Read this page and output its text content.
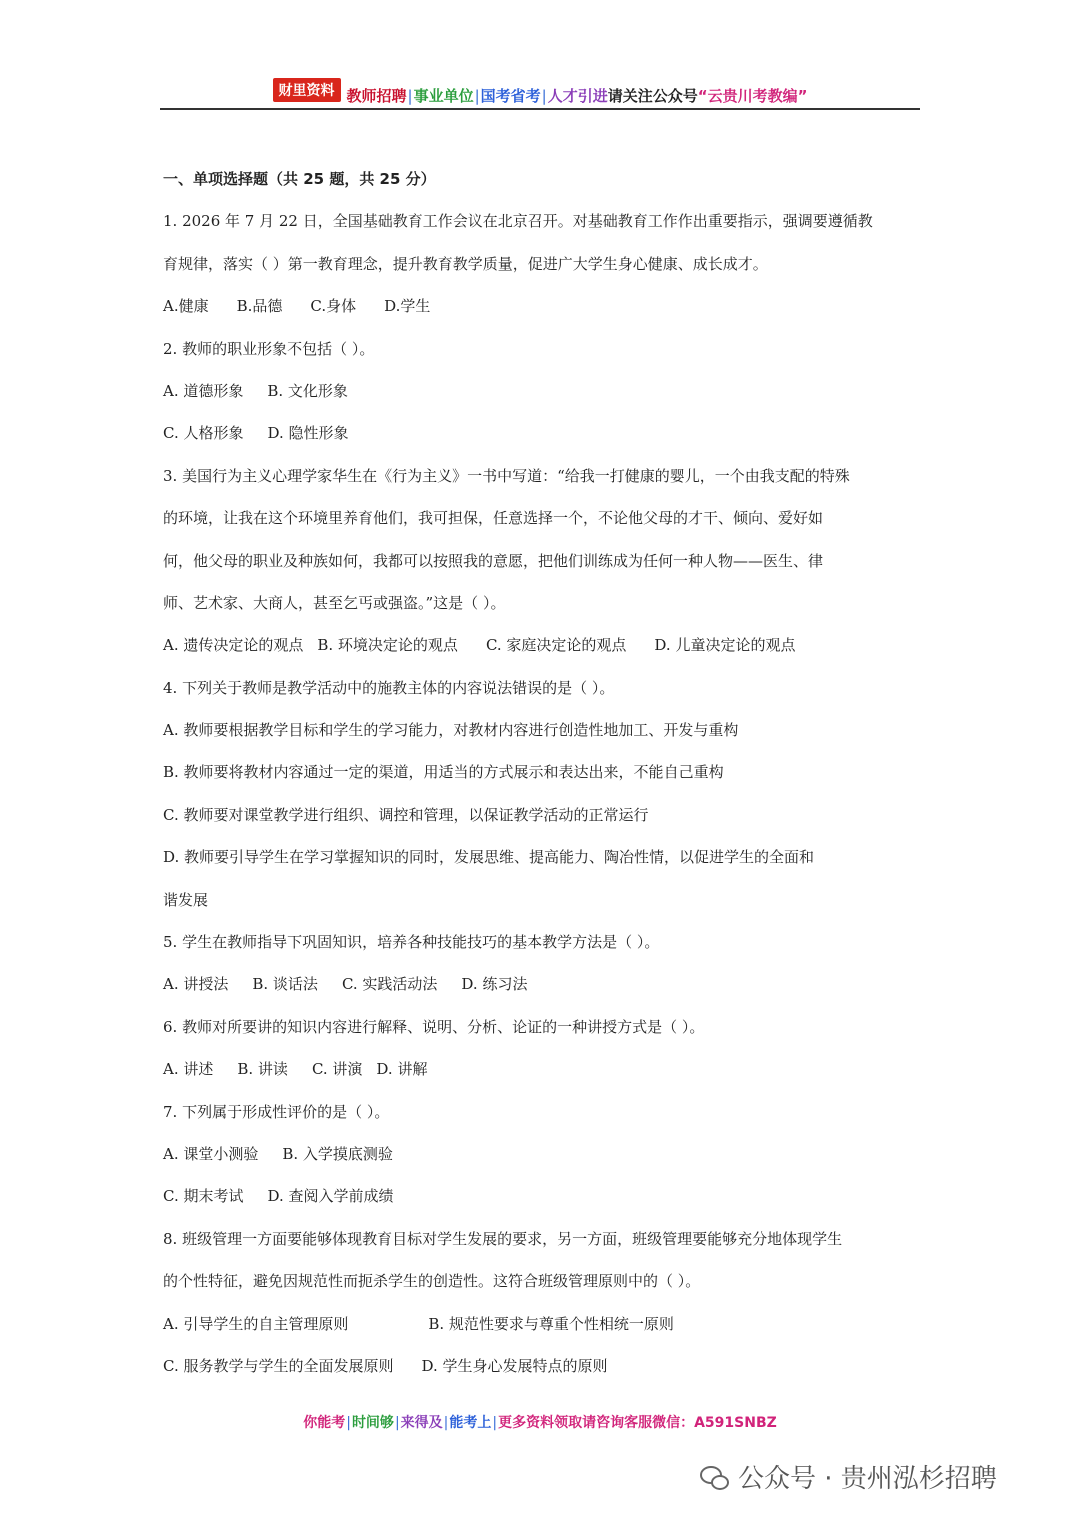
财里资料 教师招聘|事业单位|国考省考|人才引进请关注公众号“云贵川考教编”
一、单项选择题（共 25 题，共 25 分）
1. 2026 年 7 月 22 日，全国基础教育工作会议在北京召开。对基础教育工作作出重要指示，强调要遵循教
育规律，落实（ ）第一教育理念，提升教育教学质量，促进广大学生身心健康、成长成才。
A.健康 B.品德 C.身体 D.学生
2. 教师的职业形象不包括（ ）。
A. 道德形象 B. 文化形象
C. 人格形象 D. 隐性形象
3. 美国行为主义心理学家华生在《行为主义》一书中写道：“给我一打健康的婴儿，一个由我支配的特殊
的环境，让我在这个环境里养育他们，我可担保，任意选择一个，不论他父母的才干、倾向、爱好如
何，他父母的职业及种族如何，我都可以按照我的意愿，把他们训练成为任何一种人物——医生、律
师、艺术家、大商人，甚至乞丐或强盗。”这是（ ）。
A. 遗传决定论的观点 B. 环境决定论的观点 C. 家庭决定论的观点 D. 儿童决定论的观点
4. 下列关于教师是教学活动中的施教主体的内容说法错误的是（ ）。
A. 教师要根据教学目标和学生的学习能力，对教材内容进行创造性地加工、开发与重构
B. 教师要将教材内容通过一定的渠道，用适当的方式展示和表达出来，不能自己重构
C. 教师要对课堂教学进行组织、调控和管理，以保证教学活动的正常运行
D. 教师要引导学生在学习掌握知识的同时，发展思维、提高能力、陶冶性情，以促进学生的全面和
谐发展
5. 学生在教师指导下巩固知识，培养各种技能技巧的基本教学方法是（ ）。
A. 讲授法 B. 谈话法 C. 实践活动法 D. 练习法
6. 教师对所要讲的知识内容进行解释、说明、分析、论证的一种讲授方式是（ ）。
A. 讲述 B. 讲读 C. 讲演 D. 讲解
7. 下列属于形成性评价的是（ ）。
A. 课堂小测验 B. 入学摸底测验
C. 期末考试 D. 查阅入学前成绩
8. 班级管理一方面要能够体现教育目标对学生发展的要求，另一方面，班级管理要能够充分地体现学生
的个性特征，避免因规范性而扼杀学生的创造性。这符合班级管理原则中的（ ）。
A. 引导学生的自主管理原则	B. 规范性要求与尊重个性相统一原则
C. 服务教学与学生的全面发展原则 D. 学生身心发展特点的原则
你能考|时间够|来得及|能考上|更多资料领取请咨询客服微信：A591SNBZ
公众号 · 贵州泓杉招聘
